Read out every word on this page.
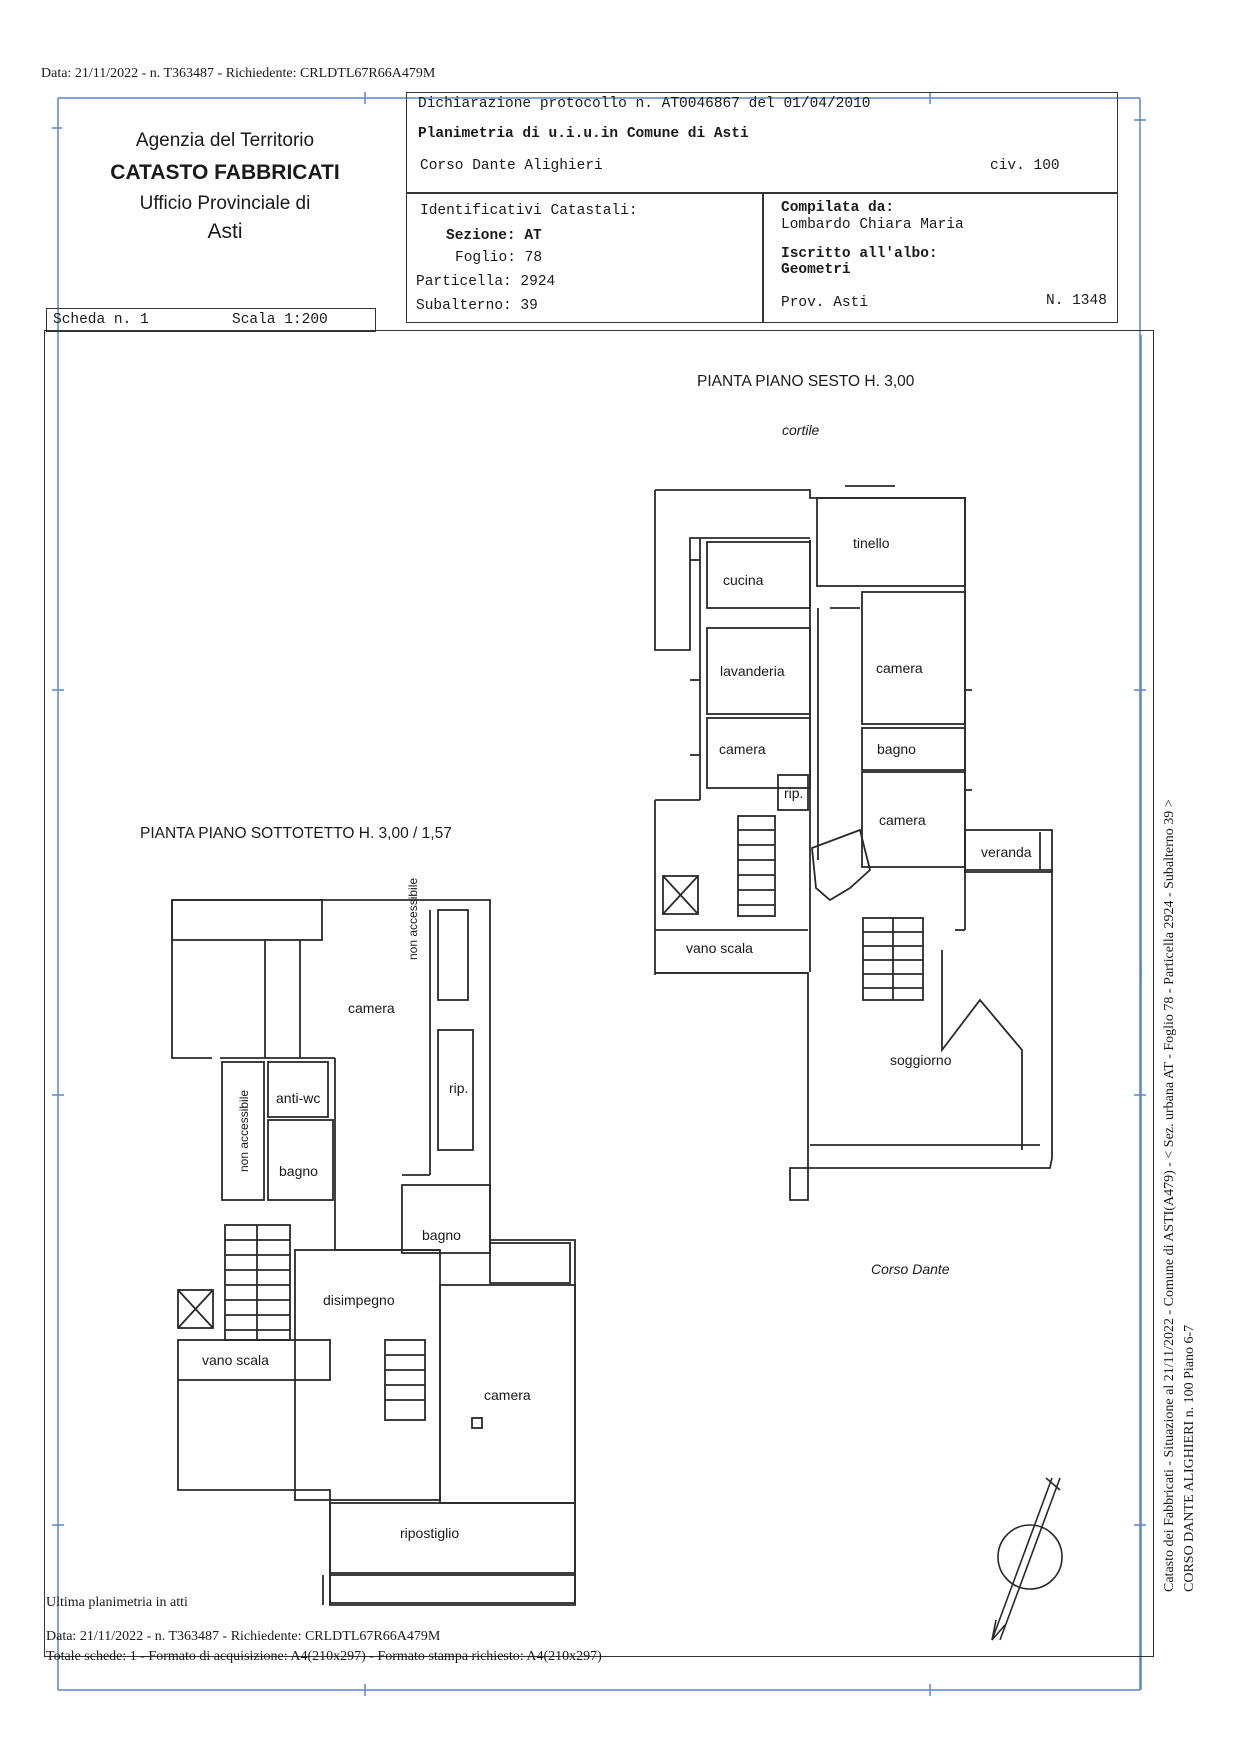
Data: 21/11/2022 - n. T363487 - Richiedente: CRLDTL67R66A479M
Agenzia del Territorio
CATASTO FABBRICATI
Ufficio Provinciale di
Asti
Dichiarazione protocollo n. AT0046867 del 01/04/2010
Planimetria di u.i.u.in Comune di Asti
Corso Dante Alighieri	civ. 100
Identificativi Catastali:
Sezione: AT
Foglio: 78
Particella: 2924
Subalterno: 39
Compilata da:
Lombardo Chiara Maria
Iscritto all'albo:
Geometri
Prov. Asti	N. 1348
Scheda n. 1	Scala 1:200
PIANTA PIANO SESTO H. 3,00
cortile
Corso Dante
PIANTA PIANO SOTTOTETTO H. 3,00 / 1,57
tinello
cucina
lavanderia	camera
camera	bagno
rip.
camera
veranda
vano scala
soggiorno
camera
non accessibile
non accessibile anti-wc
rip.
bagno
bagno
disimpegno
vano scala
camera
ripostiglio
Ultima planimetria in atti
Data: 21/11/2022 - n. T363487 - Richiedente: CRLDTL67R66A479M
Totale schede: 1 - Formato di acquisizione: A4(210x297) - Formato stampa richiesto: A4(210x297)
Catasto dei Fabbricati - Situazione al 21/11/2022 - Comune di ASTI(A479) - < Sez. urbana AT - Foglio 78 - Particella 2924 - Subalterno 39 > CORSO DANTE ALIGHIERI n. 100 Piano 6-7
